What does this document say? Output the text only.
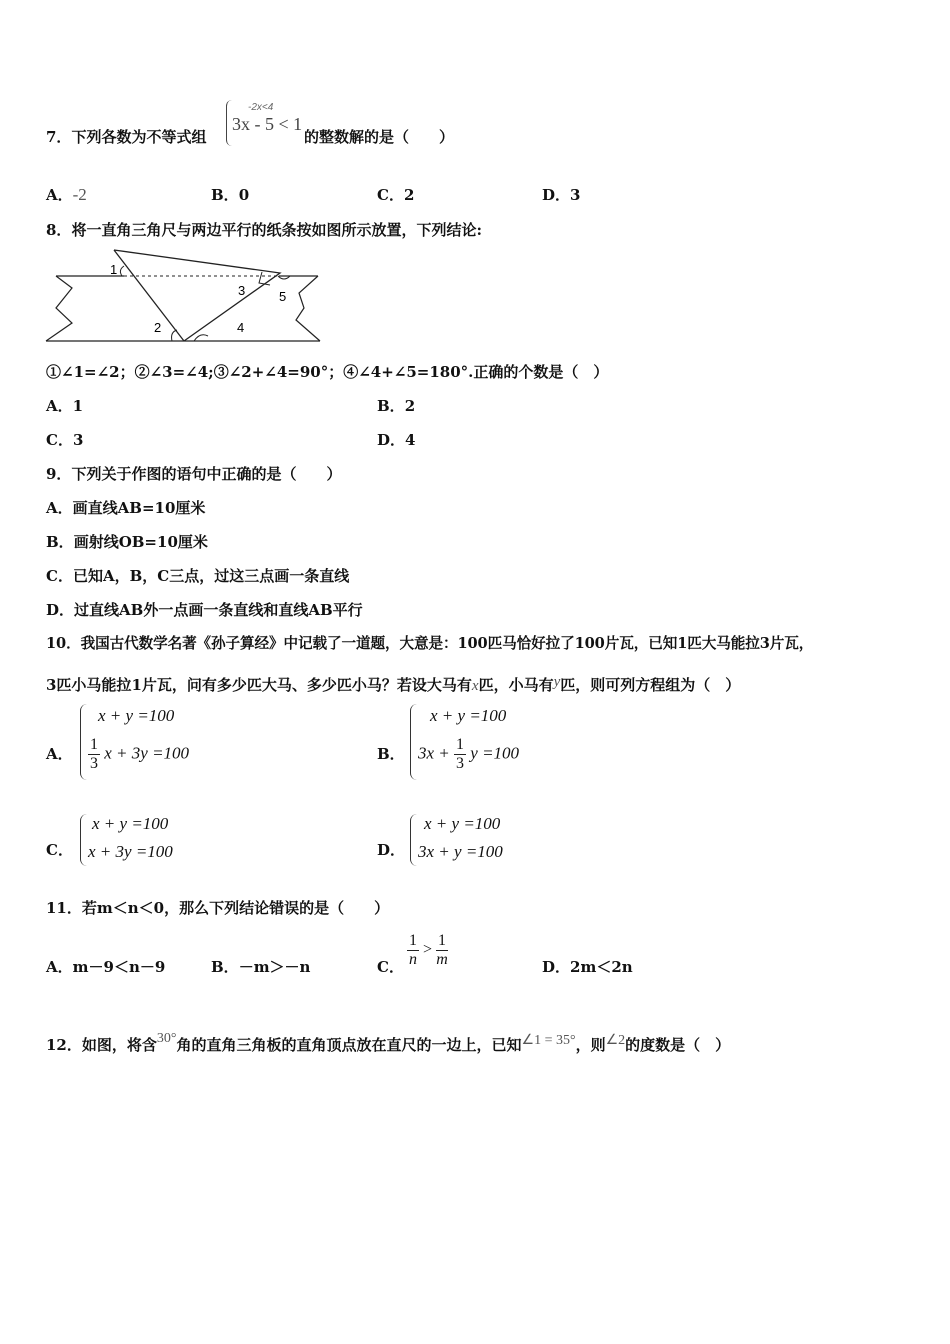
7．下列各数为不等式组
-2x<4
3x - 5 < 1
的整数解的是（　　）
A．-2	B．0	C．2	D．3
8．将一直角三角尺与两边平行的纸条按如图所示放置，下列结论:
1
2
3
4
5
①∠1=∠2；②∠3=∠4;③∠2+∠4=90°；④∠4+∠5=180°.正确的个数是（　）
A．1	B．2
C．3	D．4
9．下列关于作图的语句中正确的是（　　）
A．画直线AB=10厘米
B．画射线OB=10厘米
C．已知A，B，C三点，过这三点画一条直线
D．过直线AB外一点画一条直线和直线AB平行
10．我国古代数学名著《孙子算经》中记载了一道题，大意是：100匹马恰好拉了100片瓦，已知1匹大马能拉3片瓦，
3匹小马能拉1片瓦，问有多少匹大马、多少匹小马？若设大马有x匹，小马有y匹，则可列方程组为（　）
A．
x + y =100
$\frac{1}{3}$ x + 3y =100	B．
x + y =100
$3x + \frac{1}{3}$ y =100
C．
x + y =100
x + 3y =100	D．
x + y =100
3x + y =100
11．若m＜n＜0，那么下列结论错误的是（　　）
A．m－9＜n－9	B．－m＞－n	C． $\frac{1}{n} > \frac{1}{m}$	D．2m＜2n
12．如图，将含30°角的直角三角板的直角顶点放在直尺的一边上，已知∠1 = 35°，则∠2的度数是（　）
